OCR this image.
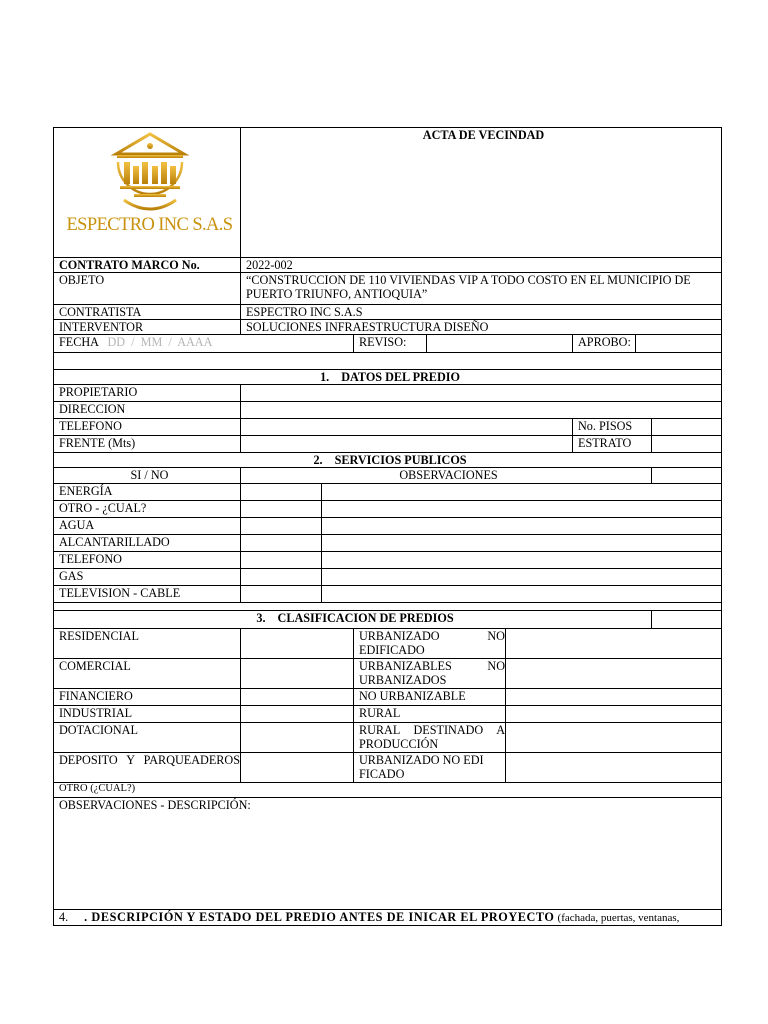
ESPECTRO INC S.A.S	ACTA DE VECINDAD							
CONTRATO MARCO No.	2022-002							
OBJETO	“CONSTRUCCION DE 110 VIVIENDAS VIP A TODO COSTO EN EL MUNICIPIO DE PUERTO TRIUNFO, ANTIOQUIA”							
CONTRATISTA	ESPECTRO INC S.A.S							
INTERVENTOR	SOLUCIONES INFRAESTRUCTURA DISEÑO							
FECHA DD  /  MM  /  AAAA			REVISO:			APROBO:		

1. DATOS DEL PREDIO								
PROPIETARIO								
DIRECCION								
TELEFONO						No. PISOS		
FRENTE (Mts)						ESTRATO		
2. SERVICIOS PUBLICOS								
SI / NO	OBSERVACIONES							
ENERGÍA								
OTRO - ¿CUAL?								
AGUA								
ALCANTARILLADO								
TELEFONO								
GAS								
TELEVISION - CABLE								

3. CLASIFICACION DE PREDIOS								
RESIDENCIAL			URBANIZADO NO EDIFICADO					
COMERCIAL			URBANIZABLES NO URBANIZADOS					
FINANCIERO			NO URBANIZABLE					
INDUSTRIAL			RURAL					
DOTACIONAL			RURAL DESTINADO A PRODUCCIÓN					
DEPOSITO Y PARQUEADEROS			URBANIZADO NO EDI FICADO					
OTRO (¿CUAL?)								
OBSERVACIONES - DESCRIPCIÓN:								
4. . DESCRIPCIÓN Y ESTADO DEL PREDIO ANTES DE INICAR EL PROYECTO (fachada, puertas, ventanas,								
